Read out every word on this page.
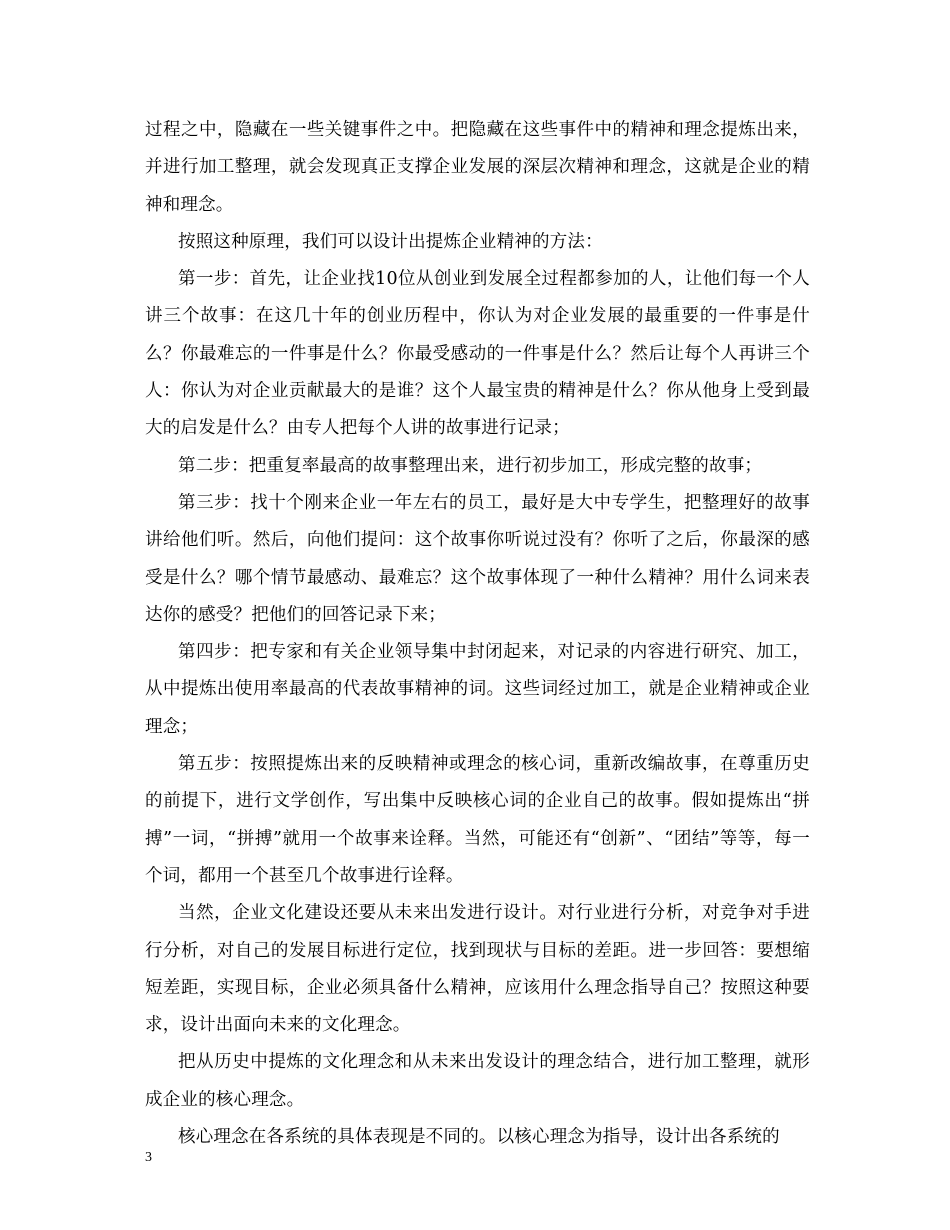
过程之中，隐藏在一些关键事件之中。把隐藏在这些事件中的精神和理念提炼出来，并进行加工整理，就会发现真正支撑企业发展的深层次精神和理念，这就是企业的精神和理念。

按照这种原理，我们可以设计出提炼企业精神的方法：

第一步：首先，让企业找10位从创业到发展全过程都参加的人，让他们每一个人讲三个故事：在这几十年的创业历程中，你认为对企业发展的最重要的一件事是什么？你最难忘的一件事是什么？你最受感动的一件事是什么？然后让每个人再讲三个人：你认为对企业贡献最大的是谁？这个人最宝贵的精神是什么？你从他身上受到最大的启发是什么？由专人把每个人讲的故事进行记录；

第二步：把重复率最高的故事整理出来，进行初步加工，形成完整的故事；

第三步：找十个刚来企业一年左右的员工，最好是大中专学生，把整理好的故事讲给他们听。然后，向他们提问：这个故事你听说过没有？你听了之后，你最深的感受是什么？哪个情节最感动、最难忘？这个故事体现了一种什么精神？用什么词来表达你的感受？把他们的回答记录下来；

第四步：把专家和有关企业领导集中封闭起来，对记录的内容进行研究、加工，从中提炼出使用率最高的代表故事精神的词。这些词经过加工，就是企业精神或企业理念；

第五步：按照提炼出来的反映精神或理念的核心词，重新改编故事，在尊重历史的前提下，进行文学创作，写出集中反映核心词的企业自己的故事。假如提炼出“拼搏”一词，“拼搏”就用一个故事来诠释。当然，可能还有“创新”、“团结”等等，每一个词，都用一个甚至几个故事进行诠释。

当然，企业文化建设还要从未来出发进行设计。对行业进行分析，对竞争对手进行分析，对自己的发展目标进行定位，找到现状与目标的差距。进一步回答：要想缩短差距，实现目标，企业必须具备什么精神，应该用什么理念指导自己？按照这种要求，设计出面向未来的文化理念。

把从历史中提炼的文化理念和从未来出发设计的理念结合，进行加工整理，就形成企业的核心理念。

核心理念在各系统的具体表现是不同的。以核心理念为指导，设计出各系统的

3
